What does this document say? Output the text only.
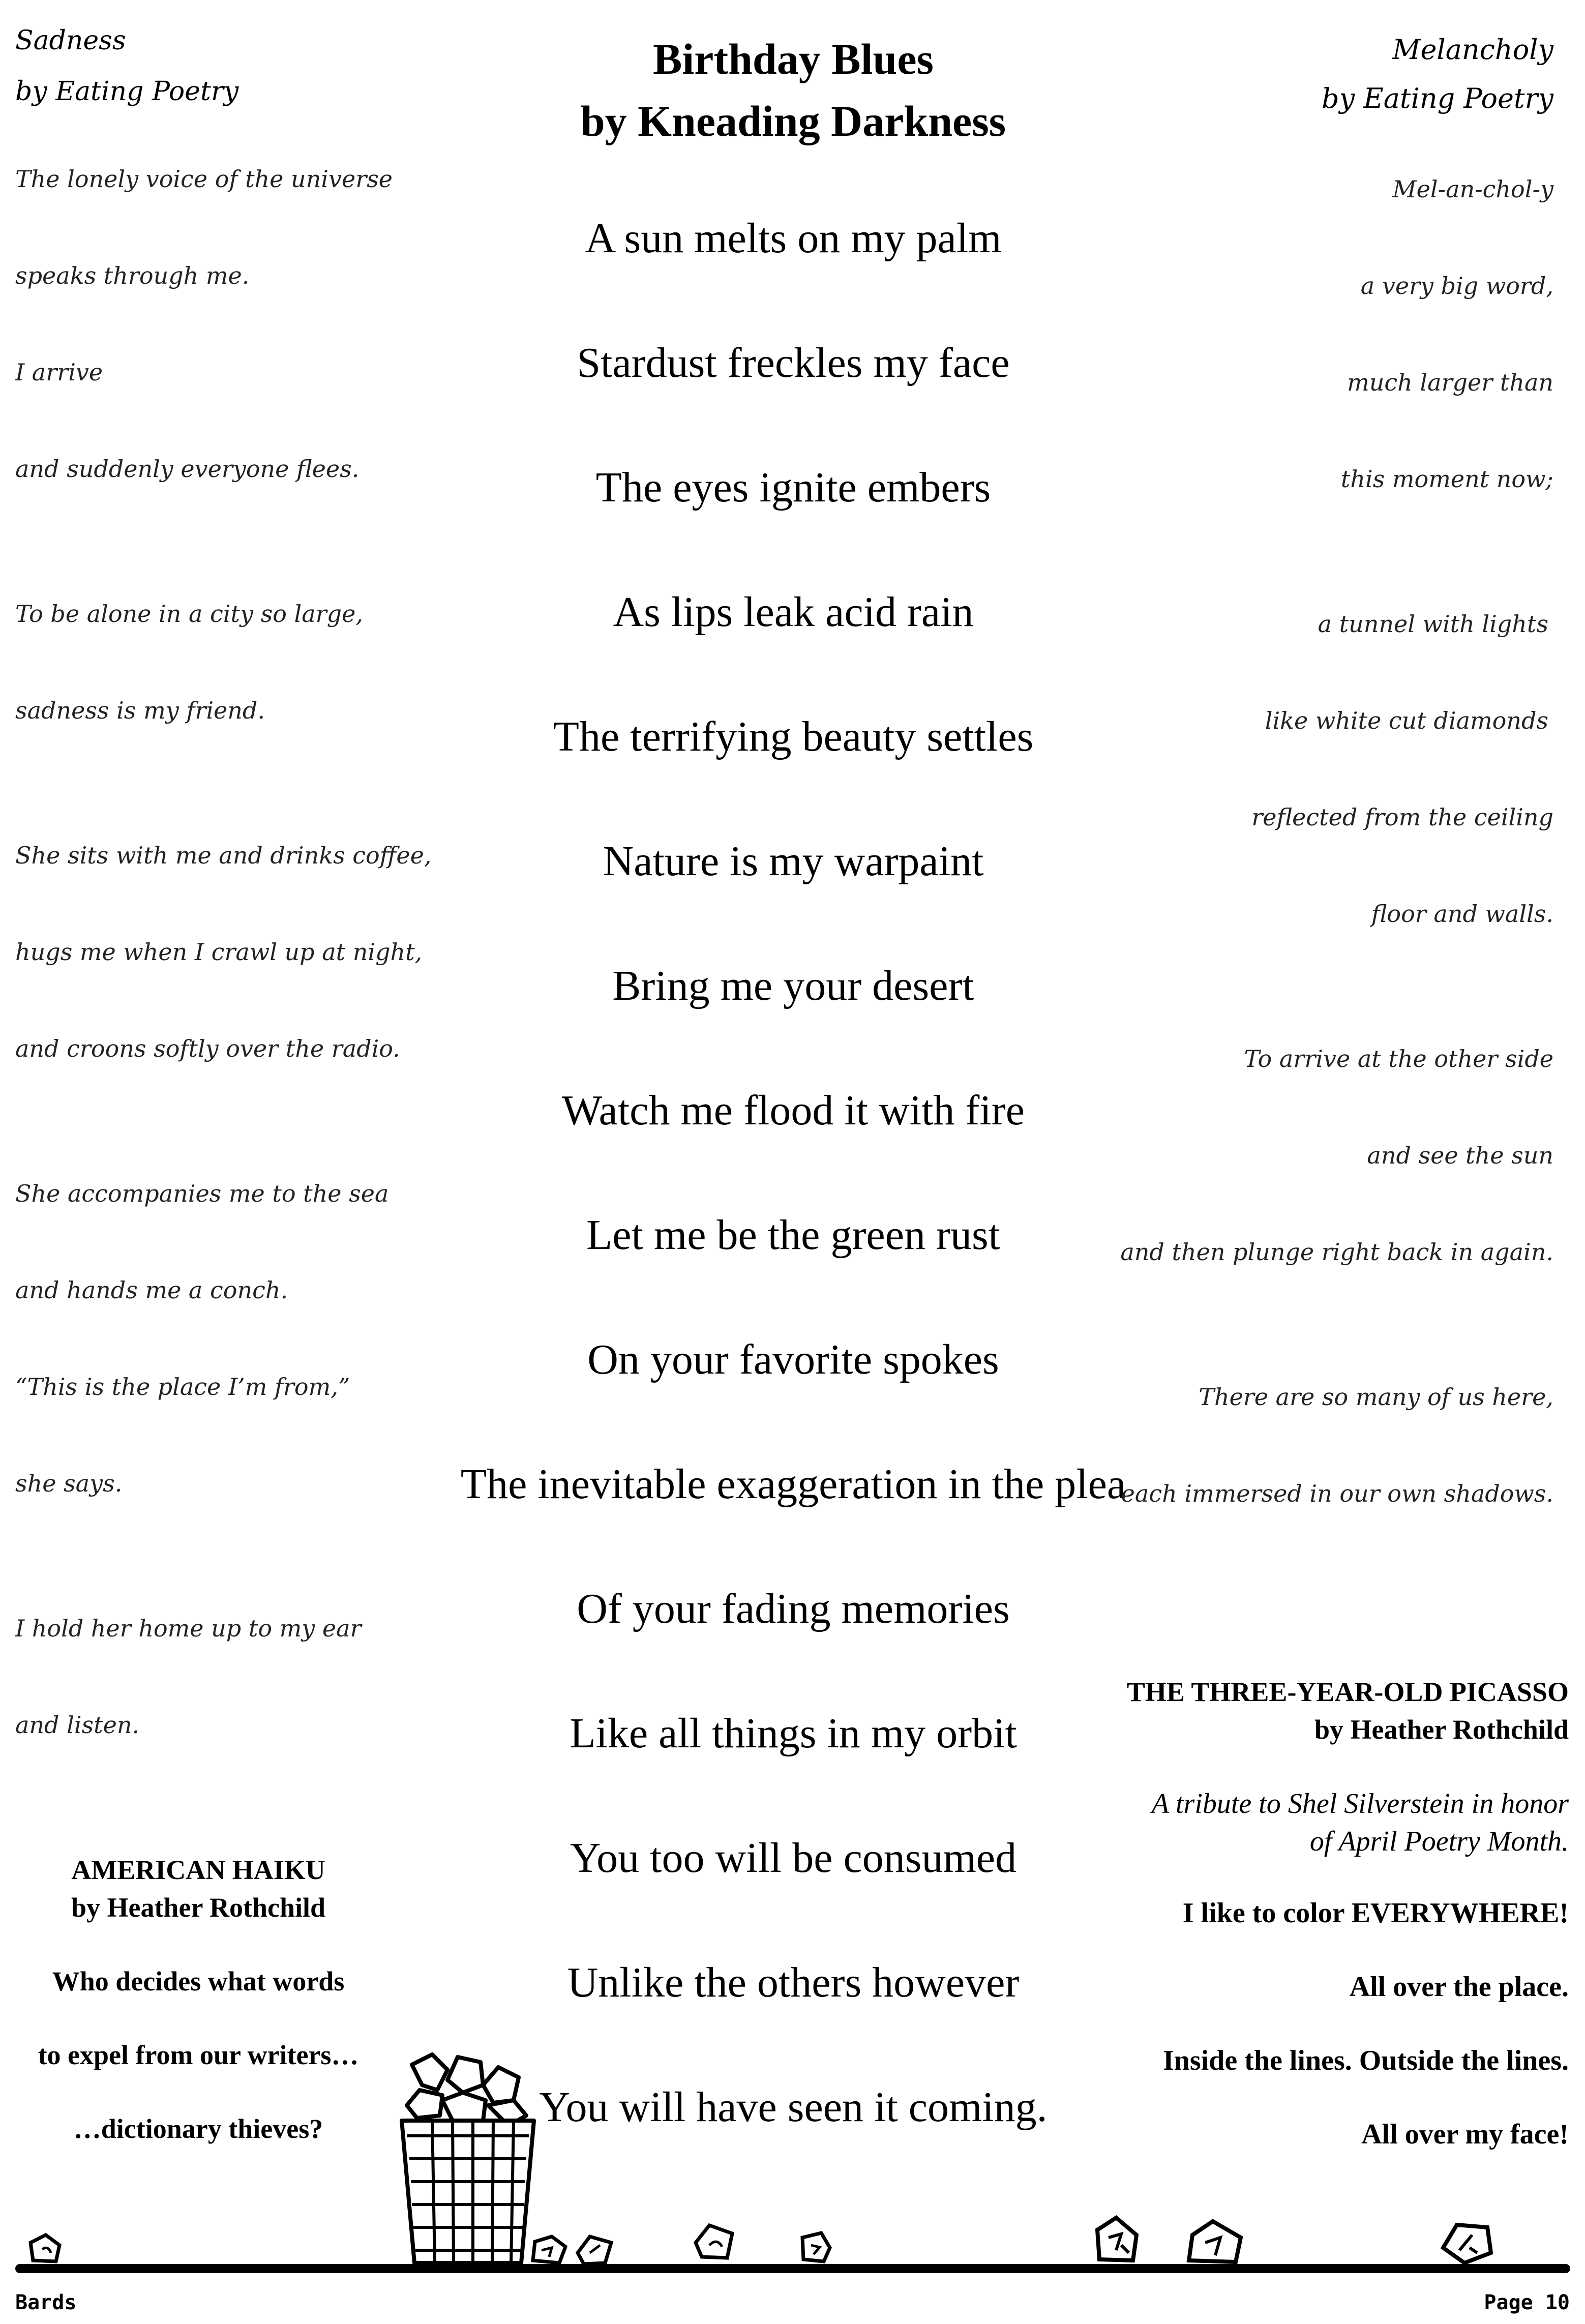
Sadness
by Eating Poetry
The lonely voice of the universe
speaks through me.
I arrive
and suddenly everyone flees.
To be alone in a city so large,
sadness is my friend.
She sits with me and drinks coffee,
hugs me when I crawl up at night,
and croons softly over the radio.
She accompanies me to the sea
and hands me a conch.
“This is the place I’m from,”
she says.
I hold her home up to my ear
and listen.
Birthday Blues
by Kneading Darkness
A sun melts on my palm
Stardust freckles my face
The eyes ignite embers
As lips leak acid rain
The terrifying beauty settles
Nature is my warpaint
Bring me your desert
Watch me flood it with fire
Let me be the green rust
On your favorite spokes
The inevitable exaggeration in the plea
Of your fading memories
Like all things in my orbit
You too will be consumed
Unlike the others however
You will have seen it coming.
Melancholy
by Eating Poetry
Mel-an-chol-y
a very big word,
much larger than
this moment now;
a tunnel with lights
like white cut diamonds
reflected from the ceiling
floor and walls.
To arrive at the other side
and see the sun
and then plunge right back in again.
There are so many of us here,
each immersed in our own shadows.
AMERICAN HAIKU
by Heather Rothchild
Who decides what words
to expel from our writers…
…dictionary thieves?
THE THREE-YEAR-OLD PICASSO
by Heather Rothchild
A tribute to Shel Silverstein in honor
of April Poetry Month.
I like to color EVERYWHERE!
All over the place.
Inside the lines. Outside the lines.
All over my face!
Bards	Page 10
